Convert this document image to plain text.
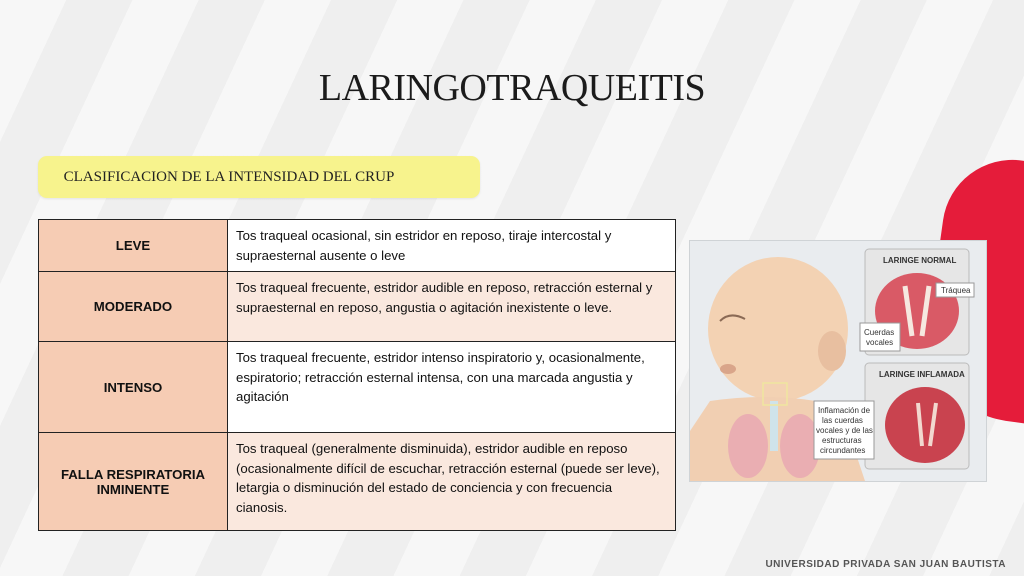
LARINGOTRAQUEITIS
CLASIFICACION DE LA INTENSIDAD DEL CRUP
LEVE	Tos traqueal ocasional, sin estridor en reposo, tiraje intercostal y supraesternal ausente o leve
MODERADO	Tos traqueal frecuente, estridor audible en reposo, retracción esternal y supraesternal en reposo, angustia o agitación inexistente o leve.
INTENSO	Tos traqueal frecuente, estridor intenso inspiratorio y, ocasionalmente, espiratorio; retracción esternal intensa, con una marcada angustia y agitación
FALLA RESPIRATORIA INMINENTE	Tos traqueal (generalmente disminuida), estridor audible en reposo (ocasionalmente difícil de escuchar, retracción esternal (puede ser leve), letargia o disminución del estado de conciencia y con frecuencia cianosis.
LARINGE NORMAL
Tráquea
Cuerdas
vocales
LARINGE INFLAMADA
Inflamación de
las cuerdas
vocales y de las
estructuras
circundantes
UNIVERSIDAD PRIVADA SAN JUAN BAUTISTA
